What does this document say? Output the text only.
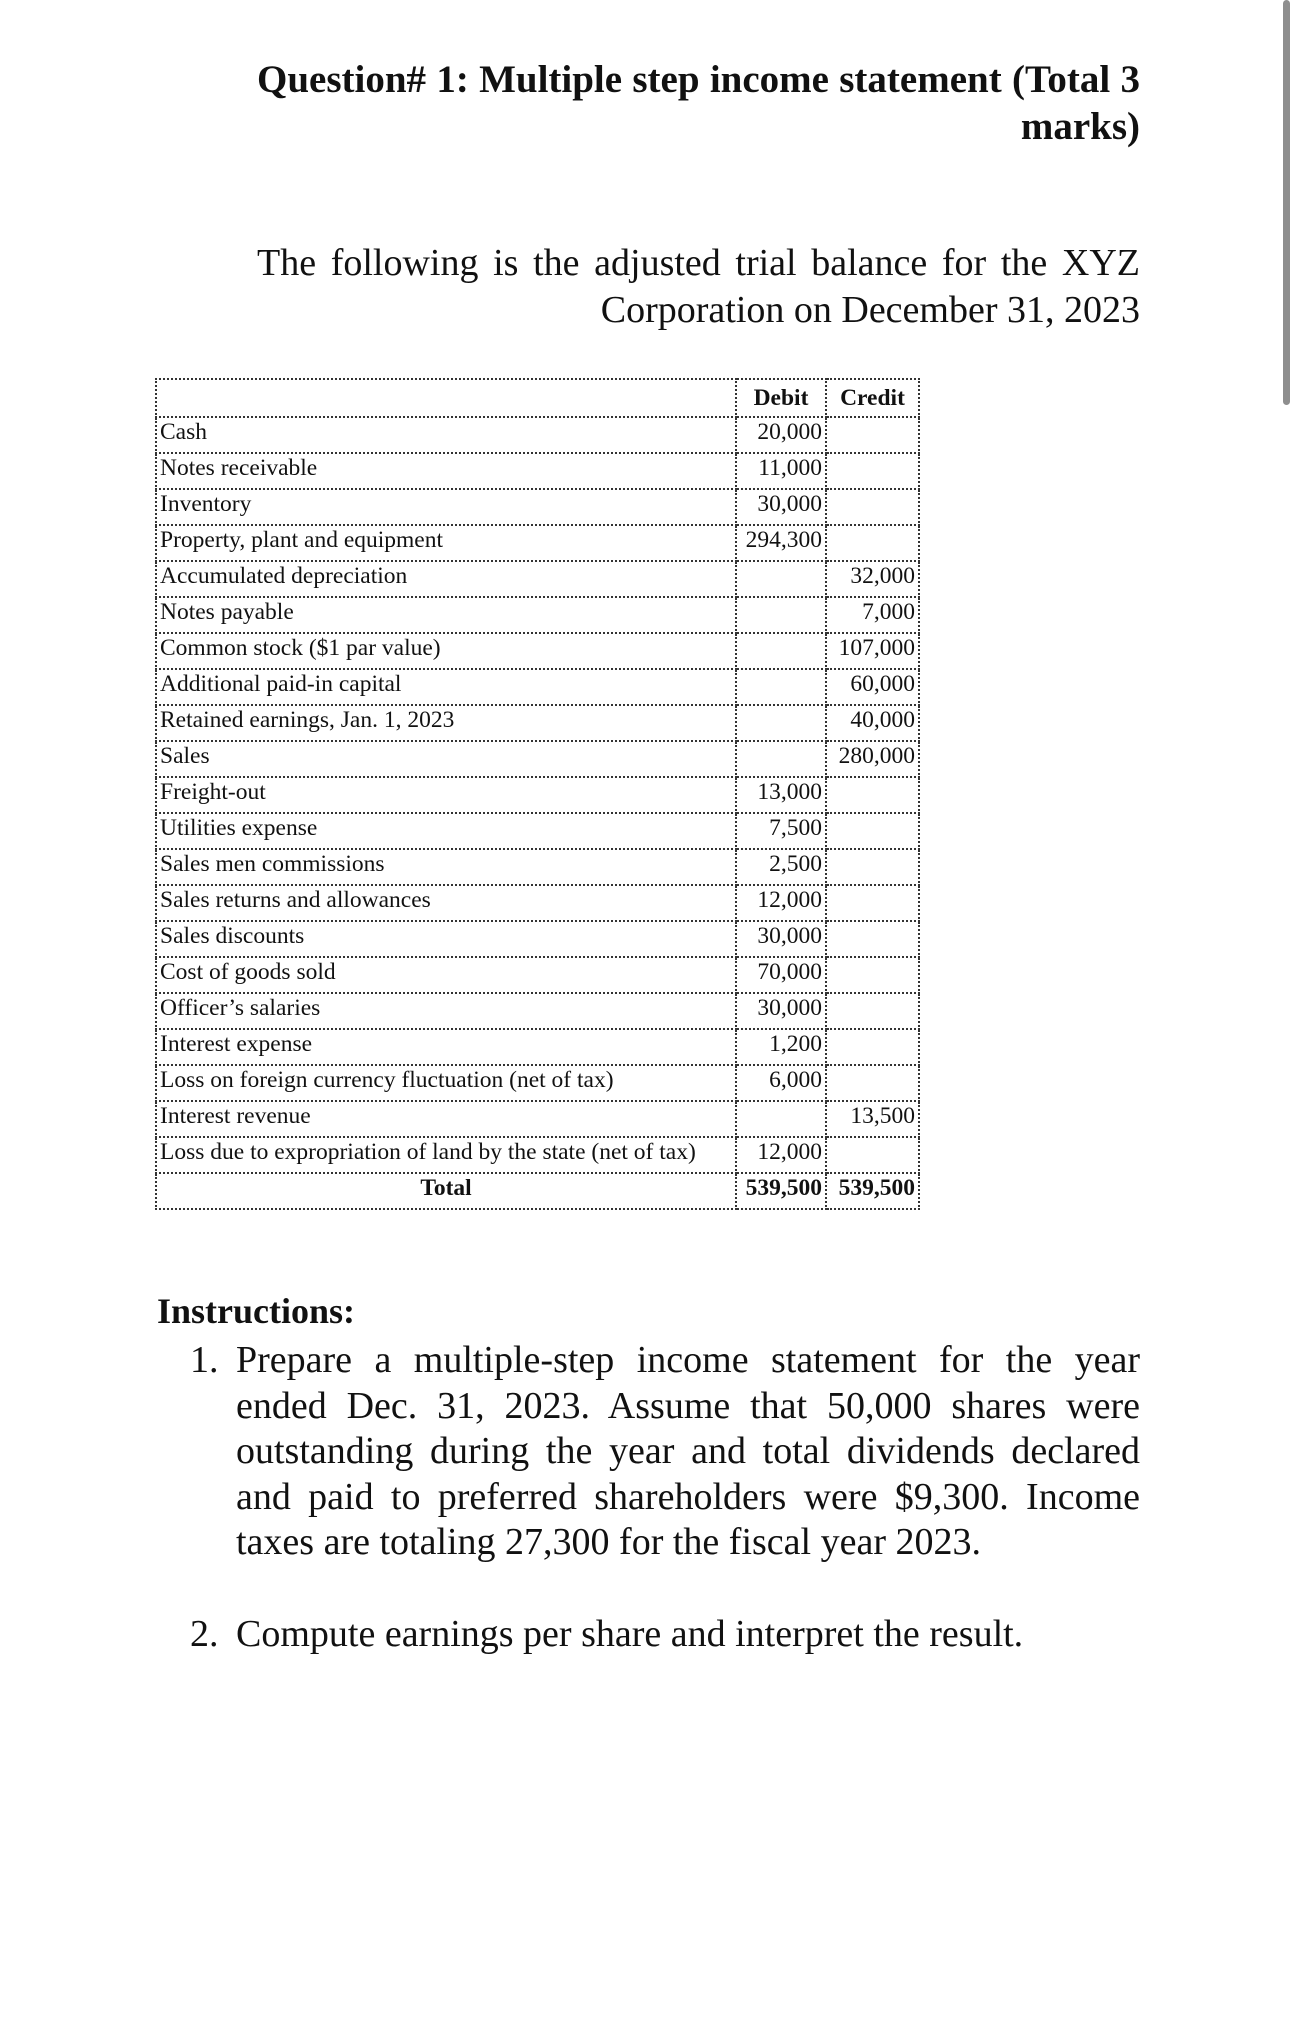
Question# 1: Multiple step income statement (Total 3 marks)
The following is the adjusted trial balance for the XYZ Corporation on December 31, 2023
	Debit	Credit
Cash	20,000	
Notes receivable	11,000	
Inventory	30,000	
Property, plant and equipment	294,300	
Accumulated depreciation		32,000
Notes payable		7,000
Common stock ($1 par value)		107,000
Additional paid-in capital		60,000
Retained earnings, Jan. 1, 2023		40,000
Sales		280,000
Freight-out	13,000	
Utilities expense	7,500	
Sales men commissions	2,500	
Sales returns and allowances	12,000	
Sales discounts	30,000	
Cost of goods sold	70,000	
Officer’s salaries	30,000	
Interest expense	1,200	
Loss on foreign currency fluctuation (net of tax)	6,000	
Interest revenue		13,500
Loss due to expropriation of land by the state (net of tax)	12,000	
Total	539,500	539,500
Instructions:
1. Prepare a multiple-step income statement for the year ended Dec. 31, 2023. Assume that 50,000 shares were outstanding during the year and total dividends declared and paid to preferred shareholders were $9,300. Income taxes are totaling 27,300 for the fiscal year 2023.
2. Compute earnings per share and interpret the result.
